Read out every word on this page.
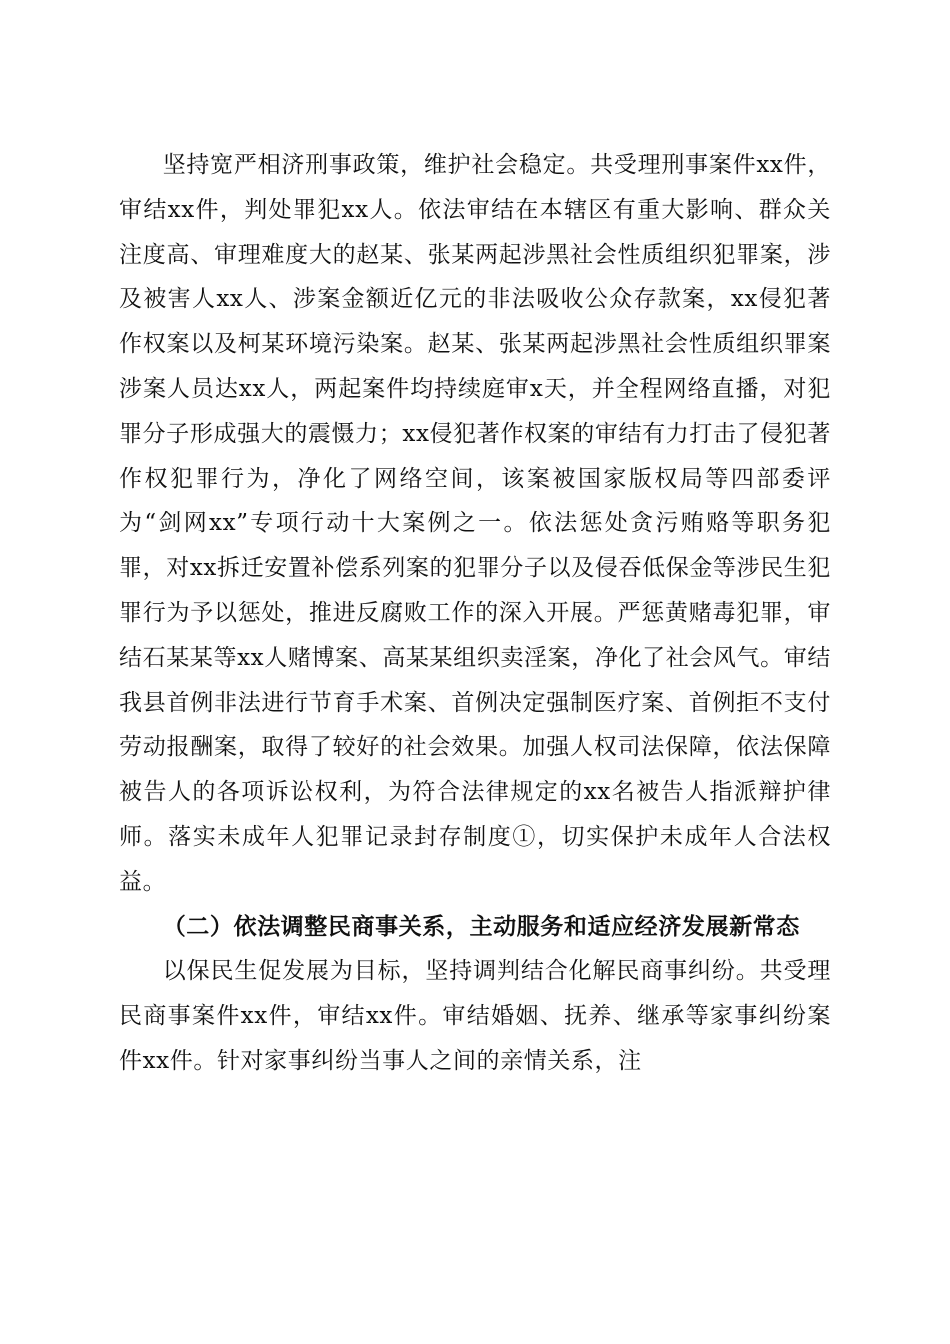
坚持宽严相济刑事政策，维护社会稳定。共受理刑事案件xx件，审结xx件，判处罪犯xx人。依法审结在本辖区有重大影响、群众关注度高、审理难度大的赵某、张某两起涉黑社会性质组织犯罪案，涉及被害人xx人、涉案金额近亿元的非法吸收公众存款案，xx侵犯著作权案以及柯某环境污染案。赵某、张某两起涉黑社会性质组织罪案涉案人员达xx人，两起案件均持续庭审x天，并全程网络直播，对犯罪分子形成强大的震慑力；xx侵犯著作权案的审结有力打击了侵犯著作权犯罪行为，净化了网络空间，该案被国家版权局等四部委评为“剑网xx”专项行动十大案例之一。依法惩处贪污贿赂等职务犯罪，对xx拆迁安置补偿系列案的犯罪分子以及侵吞低保金等涉民生犯罪行为予以惩处，推进反腐败工作的深入开展。严惩黄赌毒犯罪，审结石某某等xx人赌博案、高某某组织卖淫案，净化了社会风气。审结我县首例非法进行节育手术案、首例决定强制医疗案、首例拒不支付劳动报酬案，取得了较好的社会效果。加强人权司法保障，依法保障被告人的各项诉讼权利，为符合法律规定的xx名被告人指派辩护律师。落实未成年人犯罪记录封存制度①，切实保护未成年人合法权益。

（二）依法调整民商事关系，主动服务和适应经济发展新常态

以保民生促发展为目标，坚持调判结合化解民商事纠纷。共受理民商事案件xx件，审结xx件。审结婚姻、抚养、继承等家事纠纷案件xx件。针对家事纠纷当事人之间的亲情关系，注
